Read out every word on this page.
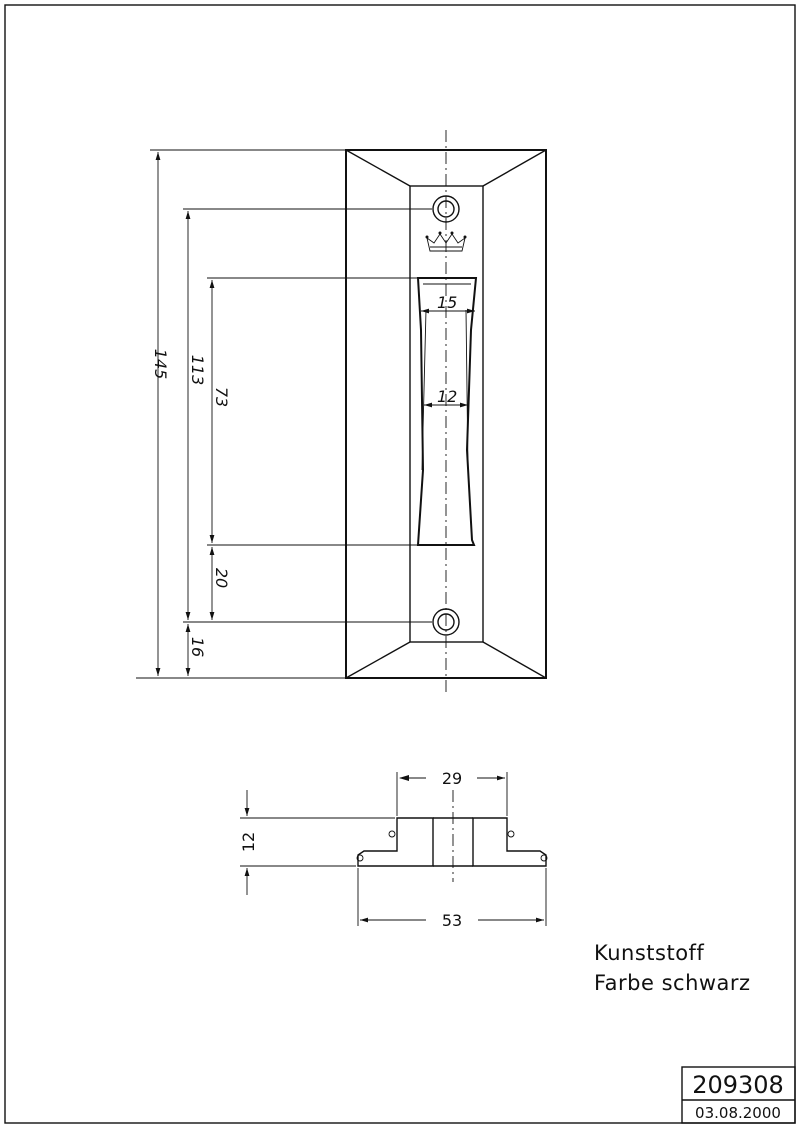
15
12
145 113
73
20
16
29
12
53
Kunststoff
Farbe schwarz
209308
03.08.2000
